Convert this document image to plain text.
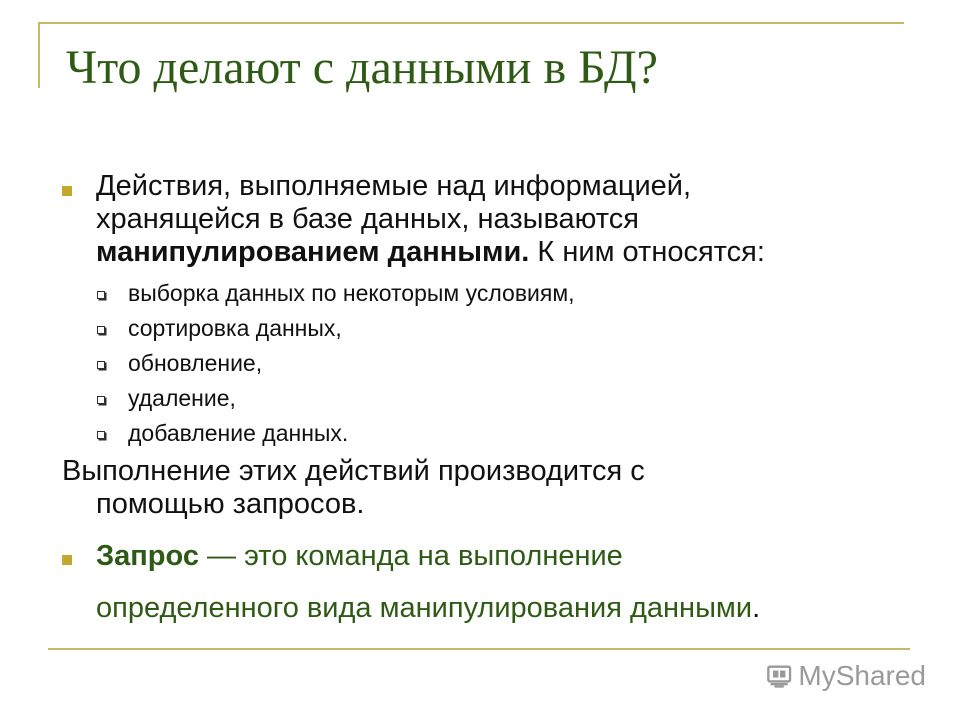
Что делают с данными в БД?

Действия, выполняемые над информацией,

хранящейся в базе данных, называются

манипулированием данными. К ним относятся:

выборка данных по некоторым условиям,

сортировка данных,

обновление,

удаление,

добавление данных.

Выполнение этих действий производится с

помощью запросов.

Запрос — это команда на выполнение

определенного вида манипулирования данными.

MyShared
